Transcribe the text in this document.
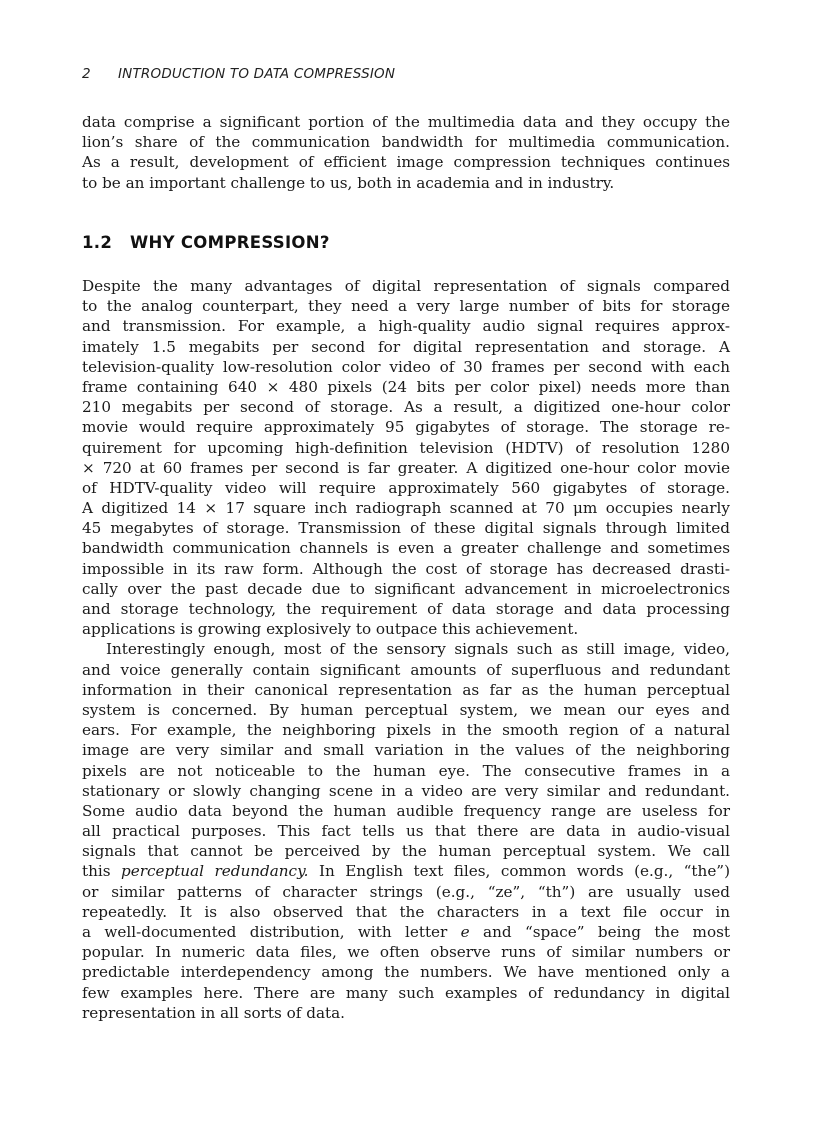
2 INTRODUCTION TO DATA COMPRESSION
data comprise a significant portion of the multimedia data and they occupy the
lion’s share of the communication bandwidth for multimedia communication.
As a result, development of efficient image compression techniques continues
to be an important challenge to us, both in academia and in industry.
1.2 WHY COMPRESSION?
Despite the many advantages of digital representation of signals compared
to the analog counterpart, they need a very large number of bits for storage
and transmission. For example, a high-quality audio signal requires approx-
imately 1.5 megabits per second for digital representation and storage. A
television-quality low-resolution color video of 30 frames per second with each
frame containing 640 × 480 pixels (24 bits per color pixel) needs more than
210 megabits per second of storage. As a result, a digitized one-hour color
movie would require approximately 95 gigabytes of storage. The storage re-
quirement for upcoming high-definition television (HDTV) of resolution 1280
× 720 at 60 frames per second is far greater. A digitized one-hour color movie
of HDTV-quality video will require approximately 560 gigabytes of storage.
A digitized 14 × 17 square inch radiograph scanned at 70 μm occupies nearly
45 megabytes of storage. Transmission of these digital signals through limited
bandwidth communication channels is even a greater challenge and sometimes
impossible in its raw form. Although the cost of storage has decreased drasti-
cally over the past decade due to significant advancement in microelectronics
and storage technology, the requirement of data storage and data processing
applications is growing explosively to outpace this achievement.
Interestingly enough, most of the sensory signals such as still image, video,
and voice generally contain significant amounts of superfluous and redundant
information in their canonical representation as far as the human perceptual
system is concerned. By human perceptual system, we mean our eyes and
ears. For example, the neighboring pixels in the smooth region of a natural
image are very similar and small variation in the values of the neighboring
pixels are not noticeable to the human eye. The consecutive frames in a
stationary or slowly changing scene in a video are very similar and redundant.
Some audio data beyond the human audible frequency range are useless for
all practical purposes. This fact tells us that there are data in audio-visual
signals that cannot be perceived by the human perceptual system. We call
this perceptual redundancy. In English text files, common words (e.g., “the”)
or similar patterns of character strings (e.g., “ze”, “th”) are usually used
repeatedly. It is also observed that the characters in a text file occur in
a well-documented distribution, with letter e and “space” being the most
popular. In numeric data files, we often observe runs of similar numbers or
predictable interdependency among the numbers. We have mentioned only a
few examples here. There are many such examples of redundancy in digital
representation in all sorts of data.
